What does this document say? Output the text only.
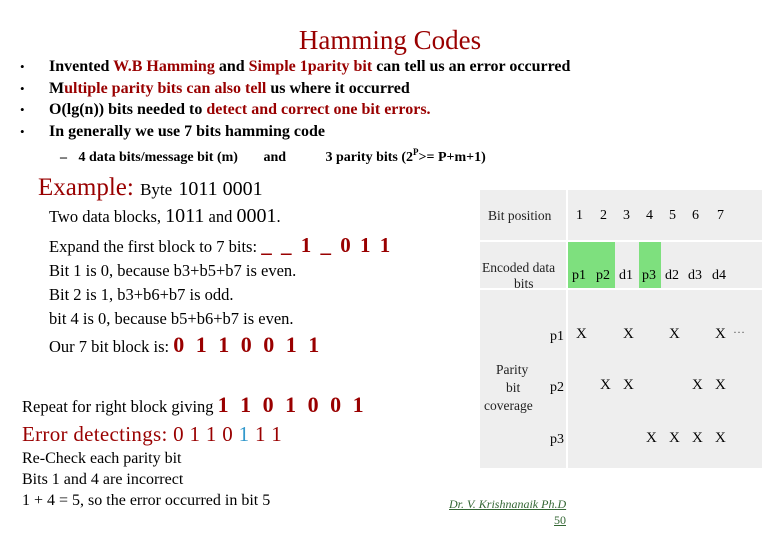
Hamming Codes
• Invented W.B Hamming and Simple 1parity bit can tell us an error occurred
• Multiple parity bits can also tell us where it occurred
• O(lg(n)) bits needed to detect and correct one bit errors.
• In generally we use 7 bits hamming code
– 4 data bits/message bit (m) and	3 parity bits $(2^P>= P+m+1)$
Example: Byte 1011 0001
Two data blocks, 1011 and 0001.
Expand the first block to 7 bits: _ _ 1 _ 0 1 1
Bit 1 is 0, because b3+b5+b7 is even.
Bit 2 is 1, b3+b6+b7 is odd.
bit 4 is 0, because b5+b6+b7 is even.
Our 7 bit block is: 0 1 1 0 0 1 1
Repeat for right block giving 1 1 0 1 0 0 1
Error detectings: 0 1 1 0 1 1 1
Re-Check each parity bit
Bits 1 and 4 are incorrect
1 + 4 = 5, so the error occurred in bit 5
Bit position 1 2 3 4 5 6 7
Encoded data
bits
p1 p2 d1 p3 d2 d3 d4
Parity
bit
coverage
p1
p2
p3
X X X X
X X	X X
X X X X
…
Dr. V. Krishnanaik Ph.D
50
